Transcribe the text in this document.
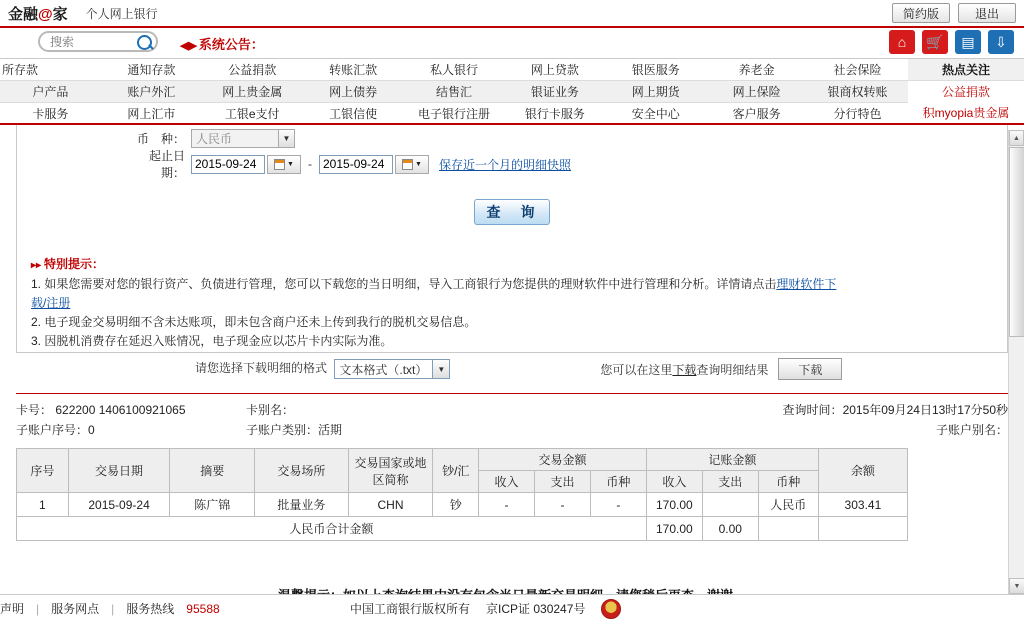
金融@家 个人网上银行	简约版	退出
搜索	◀▶ 系统公告：	⌂	🛒	▤	⇩
所存款	通知存款	公益捐款	转账汇款	私人银行	网上贷款	银医服务	养老金	社会保险
户产品	账户外汇	网上贵金属	网上债券	结售汇	银证业务	网上期货	网上保险	银商权转账
卡服务	网上汇市	工银e支付	工银信使	电子银行注册	银行卡服务	安全中心	客户服务	分行特色
热点关注
公益捐款
积myopia贵金属
币　种： 人民币	▼
起止日期：
2015-09-24	▼ - 2015-09-24	▼ 保存近一个月的明细快照
查　询
▸▸ 特别提示：
1. 如果您需要对您的银行资产、负债进行管理，您可以下载您的当日明细，导入工商银行为您提供的理财软件中进行管理和分析。详情请点击理财软件下载/注册
2. 电子现金交易明细不含未达账项，即未包含商户还未上传到我行的脱机交易信息。
3. 因脱机消费存在延迟入账情况，电子现金应以芯片卡内实际为准。
请您选择下载明细的格式 文本格式（.txt）	▼	您可以在这里下载查询明细结果	下载
卡号： 622200 1406100921065	卡别名：	查询时间：2015年09月24日13时17分50秒
子账户序号：0	子账户类别：活期	子账户别名：
序号	交易日期	摘要	交易场所	交易国家或地区简称	钞/汇	交易金额			记账金额			余额
						收入	支出	币种	收入	支出	币种	
1	2015-09-24	陈广锦	批量业务	CHN	钞	-	-	-	170.00		人民币	303.41
人民币合计金额									170.00	0.00		
▲
▼
声明 | 服务网点 | 服务热线 95588	中国工商银行版权所有 京ICP证 030247号
